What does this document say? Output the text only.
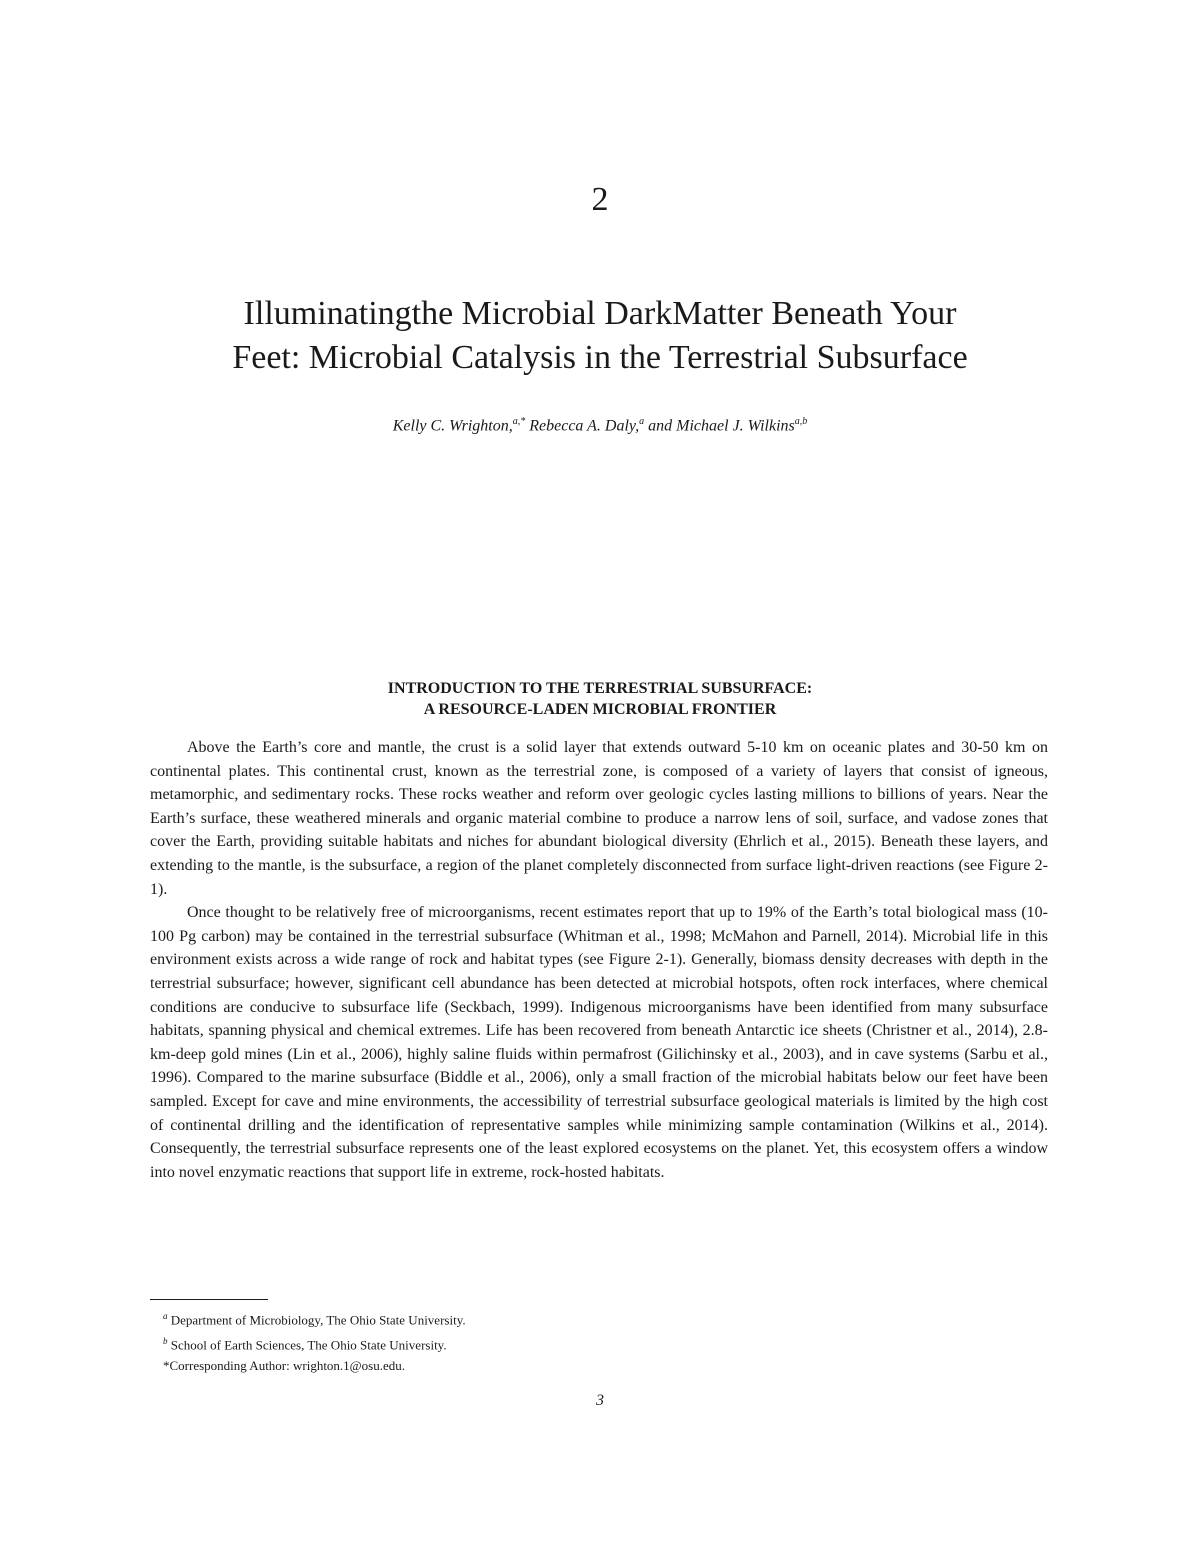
2
Illuminatingthe Microbial DarkMatter Beneath Your
Feet: Microbial Catalysis in the Terrestrial Subsurface
Kelly C. Wrighton,$^{a,*}$ Rebecca A. Daly,$^a$ and Michael J. Wilkins$^{a,b}$
INTRODUCTION TO THE TERRESTRIAL SUBSURFACE:
A RESOURCE-LADEN MICROBIAL FRONTIER

Above the Earth’s core and mantle, the crust is a solid layer that extends outward 5-10 km on oceanic plates and 30-50 km on continental plates. This continental crust, known as the terrestrial zone, is composed of a variety of layers that consist of igneous, metamorphic, and sedimentary rocks. These rocks weather and reform over geologic cycles lasting millions to billions of years. Near the Earth’s surface, these weathered minerals and organic material combine to produce a narrow lens of soil, surface, and vadose zones that cover the Earth, providing suitable habitats and niches for abundant biological diversity (Ehrlich et al., 2015). Beneath these layers, and extending to the mantle, is the subsurface, a region of the planet completely disconnected from surface light-driven reactions (see Figure 2-1).

Once thought to be relatively free of microorganisms, recent estimates report that up to 19% of the Earth’s total biological mass (10-100 Pg carbon) may be contained in the terrestrial subsurface (Whitman et al., 1998; McMahon and Parnell, 2014). Microbial life in this environment exists across a wide range of rock and habitat types (see Figure 2-1). Generally, biomass density decreases with depth in the terrestrial subsurface; however, significant cell abundance has been detected at microbial hotspots, often rock interfaces, where chemical conditions are conducive to subsurface life (Seckbach, 1999). Indigenous microorganisms have been identified from many subsurface habitats, spanning physical and chemical extremes. Life has been recovered from beneath Antarctic ice sheets (Christner et al., 2014), 2.8-km-deep gold mines (Lin et al., 2006), highly saline fluids within permafrost (Gilichinsky et al., 2003), and in cave systems (Sarbu et al., 1996). Compared to the marine subsurface (Biddle et al., 2006), only a small fraction of the microbial habitats below our feet have been sampled. Except for cave and mine environments, the accessibility of terrestrial subsurface geological materials is limited by the high cost of continental drilling and the identification of representative samples while minimizing sample contamination (Wilkins et al., 2014). Consequently, the terrestrial subsurface represents one of the least explored ecosystems on the planet. Yet, this ecosystem offers a window into novel enzymatic reactions that support life in extreme, rock-hosted habitats.

$^a$ Department of Microbiology, The Ohio State University.
$^b$ School of Earth Sciences, The Ohio State University.
*Corresponding Author: wrighton.1@osu.edu.
3
